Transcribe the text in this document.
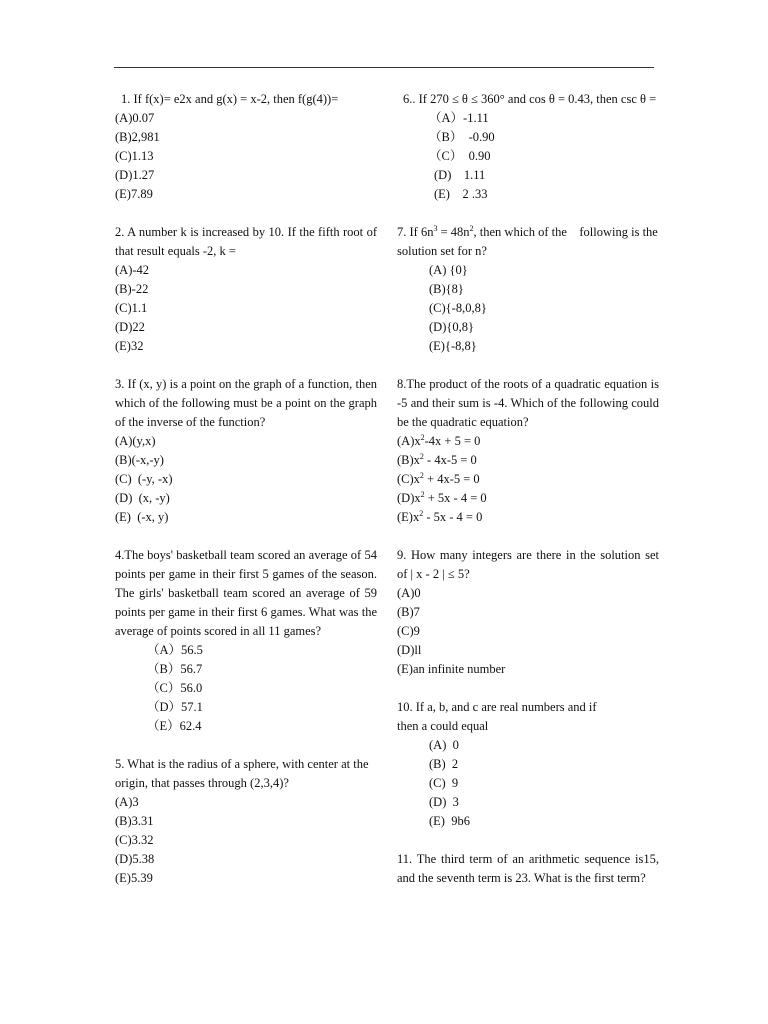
1. If f(x)= e2x and g(x) = x-2, then f(g(4))=
(A)0.07
(B)2,981
(C)1.13
(D)1.27
(E)7.89
2. A number k is increased by 10. If the fifth root of that result equals -2, k =
(A)-42
(B)-22
(C)1.1
(D)22
(E)32
3. If (x, y) is a point on the graph of a function, then which of the following must be a point on the graph of the inverse of the function?
(A)(y,x)
(B)(-x,-y)
(C)  (-y, -x)
(D)  (x, -y)
(E)  (-x, y)
4.The boys' basketball team scored an average of 54 points per game in their first 5 games of the season. The girls' basketball team scored an average of 59 points per game in their first 6 games. What was the average of points scored in all 11 games?
（A）56.5
（B）56.7
（C）56.0
（D）57.1
（E）62.4
5. What is the radius of a sphere, with center at the origin, that passes through (2,3,4)?
(A)3
(B)3.31
(C)3.32
(D)5.38
(E)5.39
6.. If 270 ≤ θ ≤ 360° and cos θ = 0.43, then csc θ =
（A）-1.11
（B）  -0.90
（C）  0.90
(D)    1.11
(E)    2 .33
7. If $6n^3 = 48n^2$, then which of the    following is the solution set for n?
(A) {0}
(B){8}
(C){-8,0,8}
(D){0,8}
(E){-8,8}
8.The product of the roots of a quadratic equation is -5 and their sum is -4. Which of the following could be the quadratic equation?
$(A)x^2-4x + 5 = 0$
$(B)x^2 - 4x-5 = 0$
$(C)x^2 + 4x-5 = 0$
$(D)x^2 + 5x - 4 = 0$
$(E)x^2 - 5x - 4 = 0$
9. How many integers are there in the solution set of | x - 2 | ≤ 5?
(A)0
(B)7
(C)9
(D)ll
(E)an infinite number
10. If a, b, and c are real numbers and if
then a could equal
(A)  0
(B)  2
(C)  9
(D)  3
(E)  9b6
11. The third term of an arithmetic sequence is15, and the seventh term is 23. What is the first term?
